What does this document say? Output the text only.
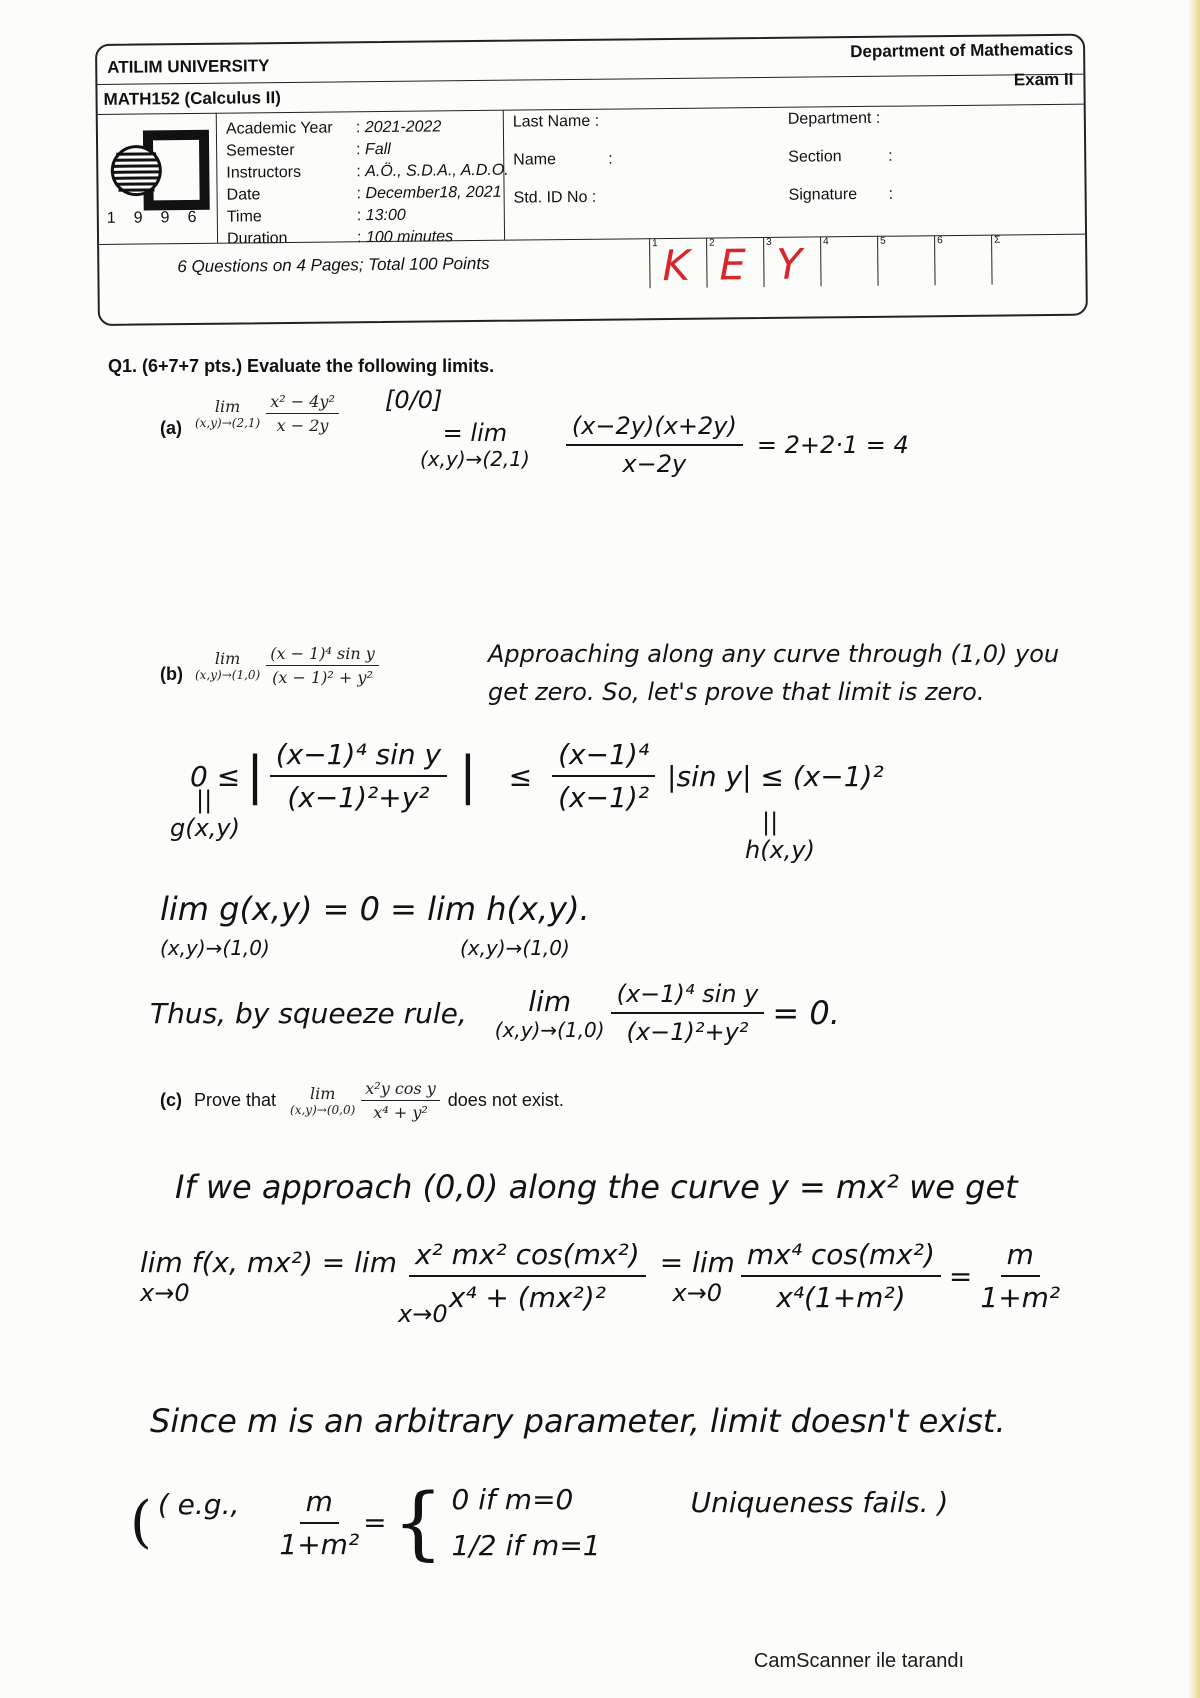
ATILIM UNIVERSITY
Department of Mathematics
MATH152 (Calculus II)
Exam II
1 9 9 6
Academic Year	: 2021-2022
Semester	: Fall
Instructors	: A.Ö., S.D.A., A.D.O.
Date	: December18, 2021
Time	: 13:00
Duration	: 100 minutes
Last Name :
Name	:
Std. ID No :
Department :
Section	:
Signature :
6 Questions on 4 Pages; Total 100 Points
1 K 2 E 3 Y 4	5	6	Σ
Q1. (6+7+7 pts.) Evaluate the following limits.
(a)
lim
$(x,y)\to(2,1) \frac{\text{x² − 4y²}}{x - 2y} [0/0]$
= lim
$(x,y)\to(2,1) \frac{(x-2y)(x+2y)}{x-2y} = 2+2\cdot 1 = 4$
(b)
lim
$(x,y)\to(1,0) \frac{\text{(x − 1)⁴ sin y}}{\text{(x − 1)² + y²}}$	Approaching along any curve through (1,0) you
get zero. So, let's prove that limit is zero.
0 ≤ | (x−1)⁴ sin y
(x−1)²+y² | ≤ $\frac{\text{(x−1)⁴}}{\text{(x−1)²}} |\sin$ y| ≤ (x−1)²
||
g(x,y)	||
h(x,y)
lim g(x,y) = 0 = lim h(x,y).
(x,y)→(1,0)	(x,y)→(1,0)
Thus, by squeeze rule, lim
$(x,y)\to(1,0) \frac{\text{(x−1)⁴ sin y}}{\text{(x−1)²+y²}} = 0$.
(c) Prove that lim
$(x,y)\to(0,0) \frac{\text{x²y cos y}}{\text{x⁴ + y²}}$ does not exist.
If we approach (0,0) along the curve y = mx² we get
lim f(x, mx²) = lim
x→0	$\frac{\text{x² mx² cos(mx²)}}{\text{x⁴ + (mx²)²}} = \lim$
$x\to 0 \frac{\text{mx⁴ cos(mx²)}}{\text{x⁴(1+m²)}} = \frac{m}{\text{1+m²}}$
x→0
Since m is an arbitrary parameter, limit doesn't exist.
( ( e.g., $\frac{m}{\text{1+m²}}$ = { 0 if m=0
1/2 if m=1
Uniqueness fails. )
CamScanner ile tarandı
